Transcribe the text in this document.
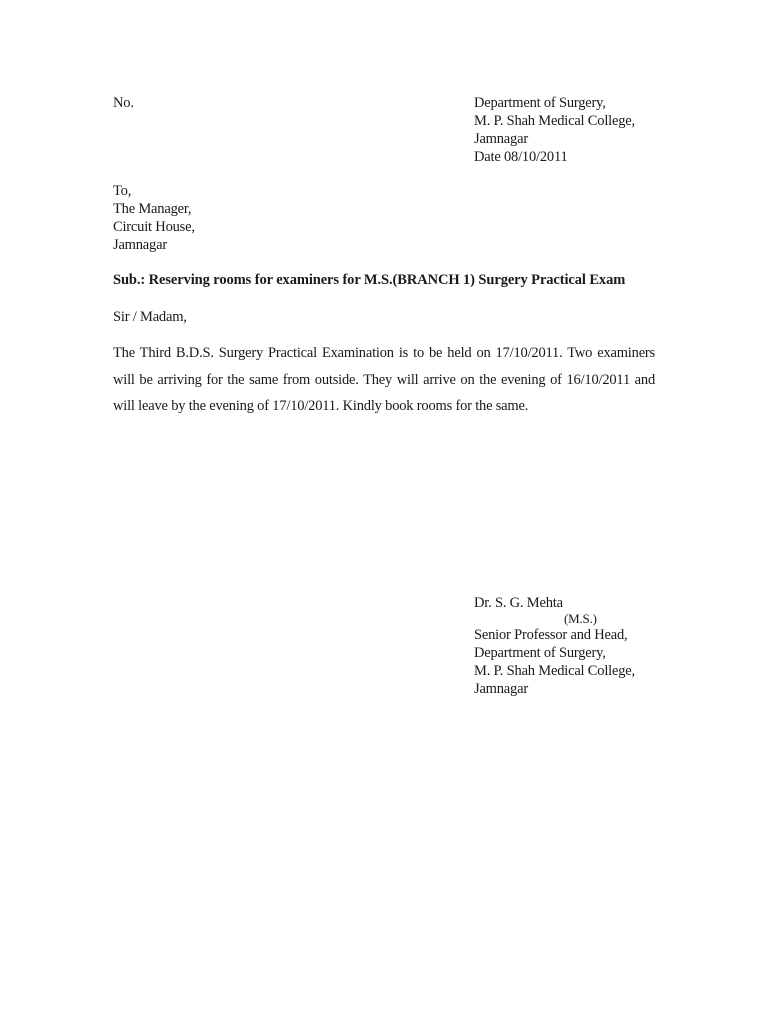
No.	Department of Surgery,
M. P. Shah Medical College,
Jamnagar
Date 08/10/2011
To,
The Manager,
Circuit House,
Jamnagar
Sub.: Reserving rooms for examiners for M.S.(BRANCH 1) Surgery Practical Exam
Sir / Madam,
The Third B.D.S. Surgery Practical Examination is to be held on 17/10/2011. Two examiners will be arriving for the same from outside. They will arrive on the evening of 16/10/2011 and will leave by the evening of 17/10/2011. Kindly book rooms for the same.
Dr. S. G. Mehta
(M.S.)
Senior Professor and Head,
Department of Surgery,
M. P. Shah Medical College,
Jamnagar
